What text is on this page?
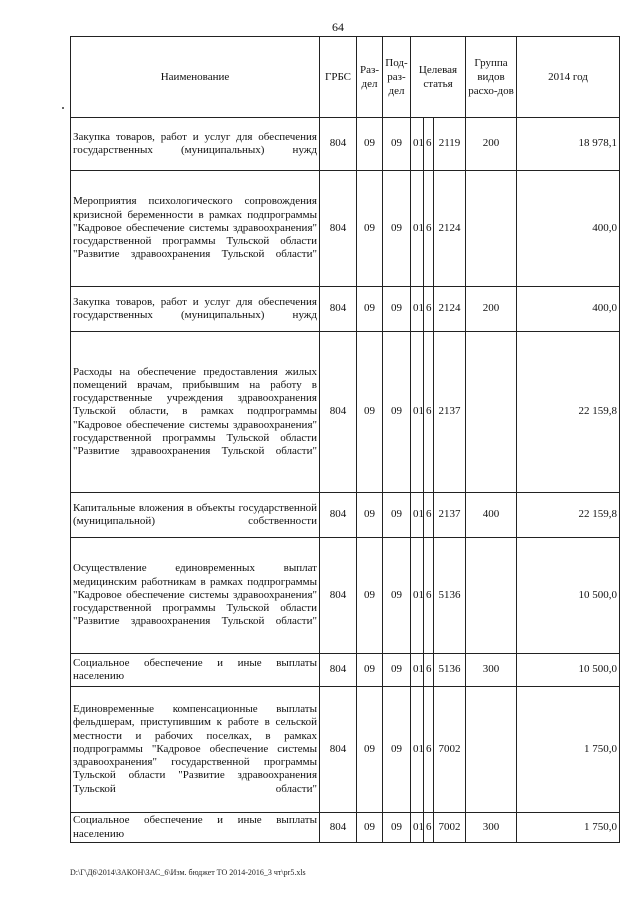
64
Наименование	ГРБС	Раз-дел	Под-раз-дел	Целевая статья			Группа видов расхо-дов	2014 год
Закупка товаров, работ и услуг для обеспечения государственных (муниципальных) нужд	804	09	09	01	6	2119	200	18 978,1
Мероприятия психологического сопровождения кризисной беременности в рамках подпрограммы "Кадровое обеспечение системы здравоохранения" государственной программы Тульской области "Развитие здравоохранения Тульской области"	804	09	09	01	6	2124		400,0
Закупка товаров, работ и услуг для обеспечения государственных (муниципальных) нужд	804	09	09	01	6	2124	200	400,0
Расходы на обеспечение предоставления жилых помещений врачам, прибывшим на работу в государственные учреждения здравоохранения Тульской области, в рамках подпрограммы "Кадровое обеспечение системы здравоохранения" государственной программы Тульской области "Развитие здравоохранения Тульской области"	804	09	09	01	6	2137		22 159,8
Капитальные вложения в объекты государственной (муниципальной) собственности	804	09	09	01	6	2137	400	22 159,8
Осуществление единовременных выплат медицинским работникам в рамках подпрограммы "Кадровое обеспечение системы здравоохранения" государственной программы Тульской области "Развитие здравоохранения Тульской области"	804	09	09	01	6	5136		10 500,0
Социальное обеспечение и иные выплаты населению	804	09	09	01	6	5136	300	10 500,0
Единовременные компенсационные выплаты фельдшерам, приступившим к работе в сельской местности и рабочих поселках, в рамках подпрограммы "Кадровое обеспечение системы здравоохранения" государственной программы Тульской области "Развитие здравоохранения Тульской области"	804	09	09	01	6	7002		1 750,0
Социальное обеспечение и иные выплаты населению	804	09	09	01	6	7002	300	1 750,0
D:\Г\Д6\2014\ЗАКОН\ЗАС_6\Изм. бюджет ТО 2014-2016_3 чт\pr5.xls
